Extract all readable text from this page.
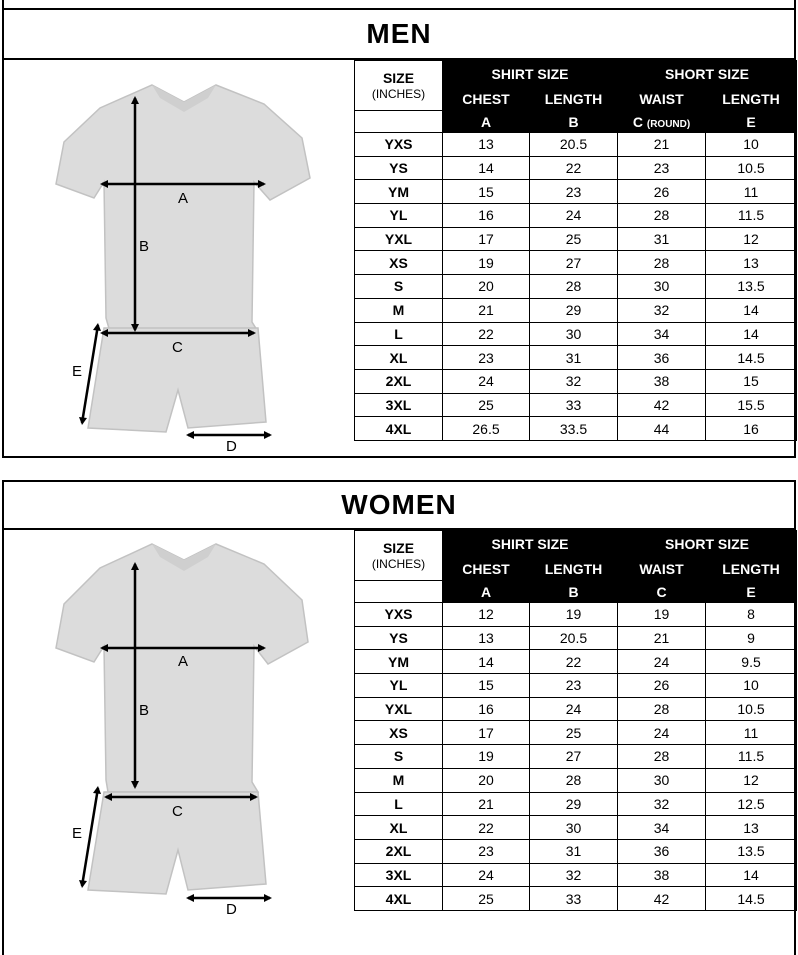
MEN
A
B
C
D
E
SIZE
(INCHES)	SHIRT SIZE		SHORT SIZE	
	CHEST	LENGTH	WAIST	LENGTH
	A	B	C (ROUND)	E
YXS	13	20.5	21	10
YS	14	22	23	10.5
YM	15	23	26	11
YL	16	24	28	11.5
YXL	17	25	31	12
XS	19	27	28	13
S	20	28	30	13.5
M	21	29	32	14
L	22	30	34	14
XL	23	31	36	14.5
2XL	24	32	38	15
3XL	25	33	42	15.5
4XL	26.5	33.5	44	16
WOMEN
A
B
C
D
E
SIZE
(INCHES)	SHIRT SIZE		SHORT SIZE	
	CHEST	LENGTH	WAIST	LENGTH
	A	B	C	E
YXS	12	19	19	8
YS	13	20.5	21	9
YM	14	22	24	9.5
YL	15	23	26	10
YXL	16	24	28	10.5
XS	17	25	24	11
S	19	27	28	11.5
M	20	28	30	12
L	21	29	32	12.5
XL	22	30	34	13
2XL	23	31	36	13.5
3XL	24	32	38	14
4XL	25	33	42	14.5
